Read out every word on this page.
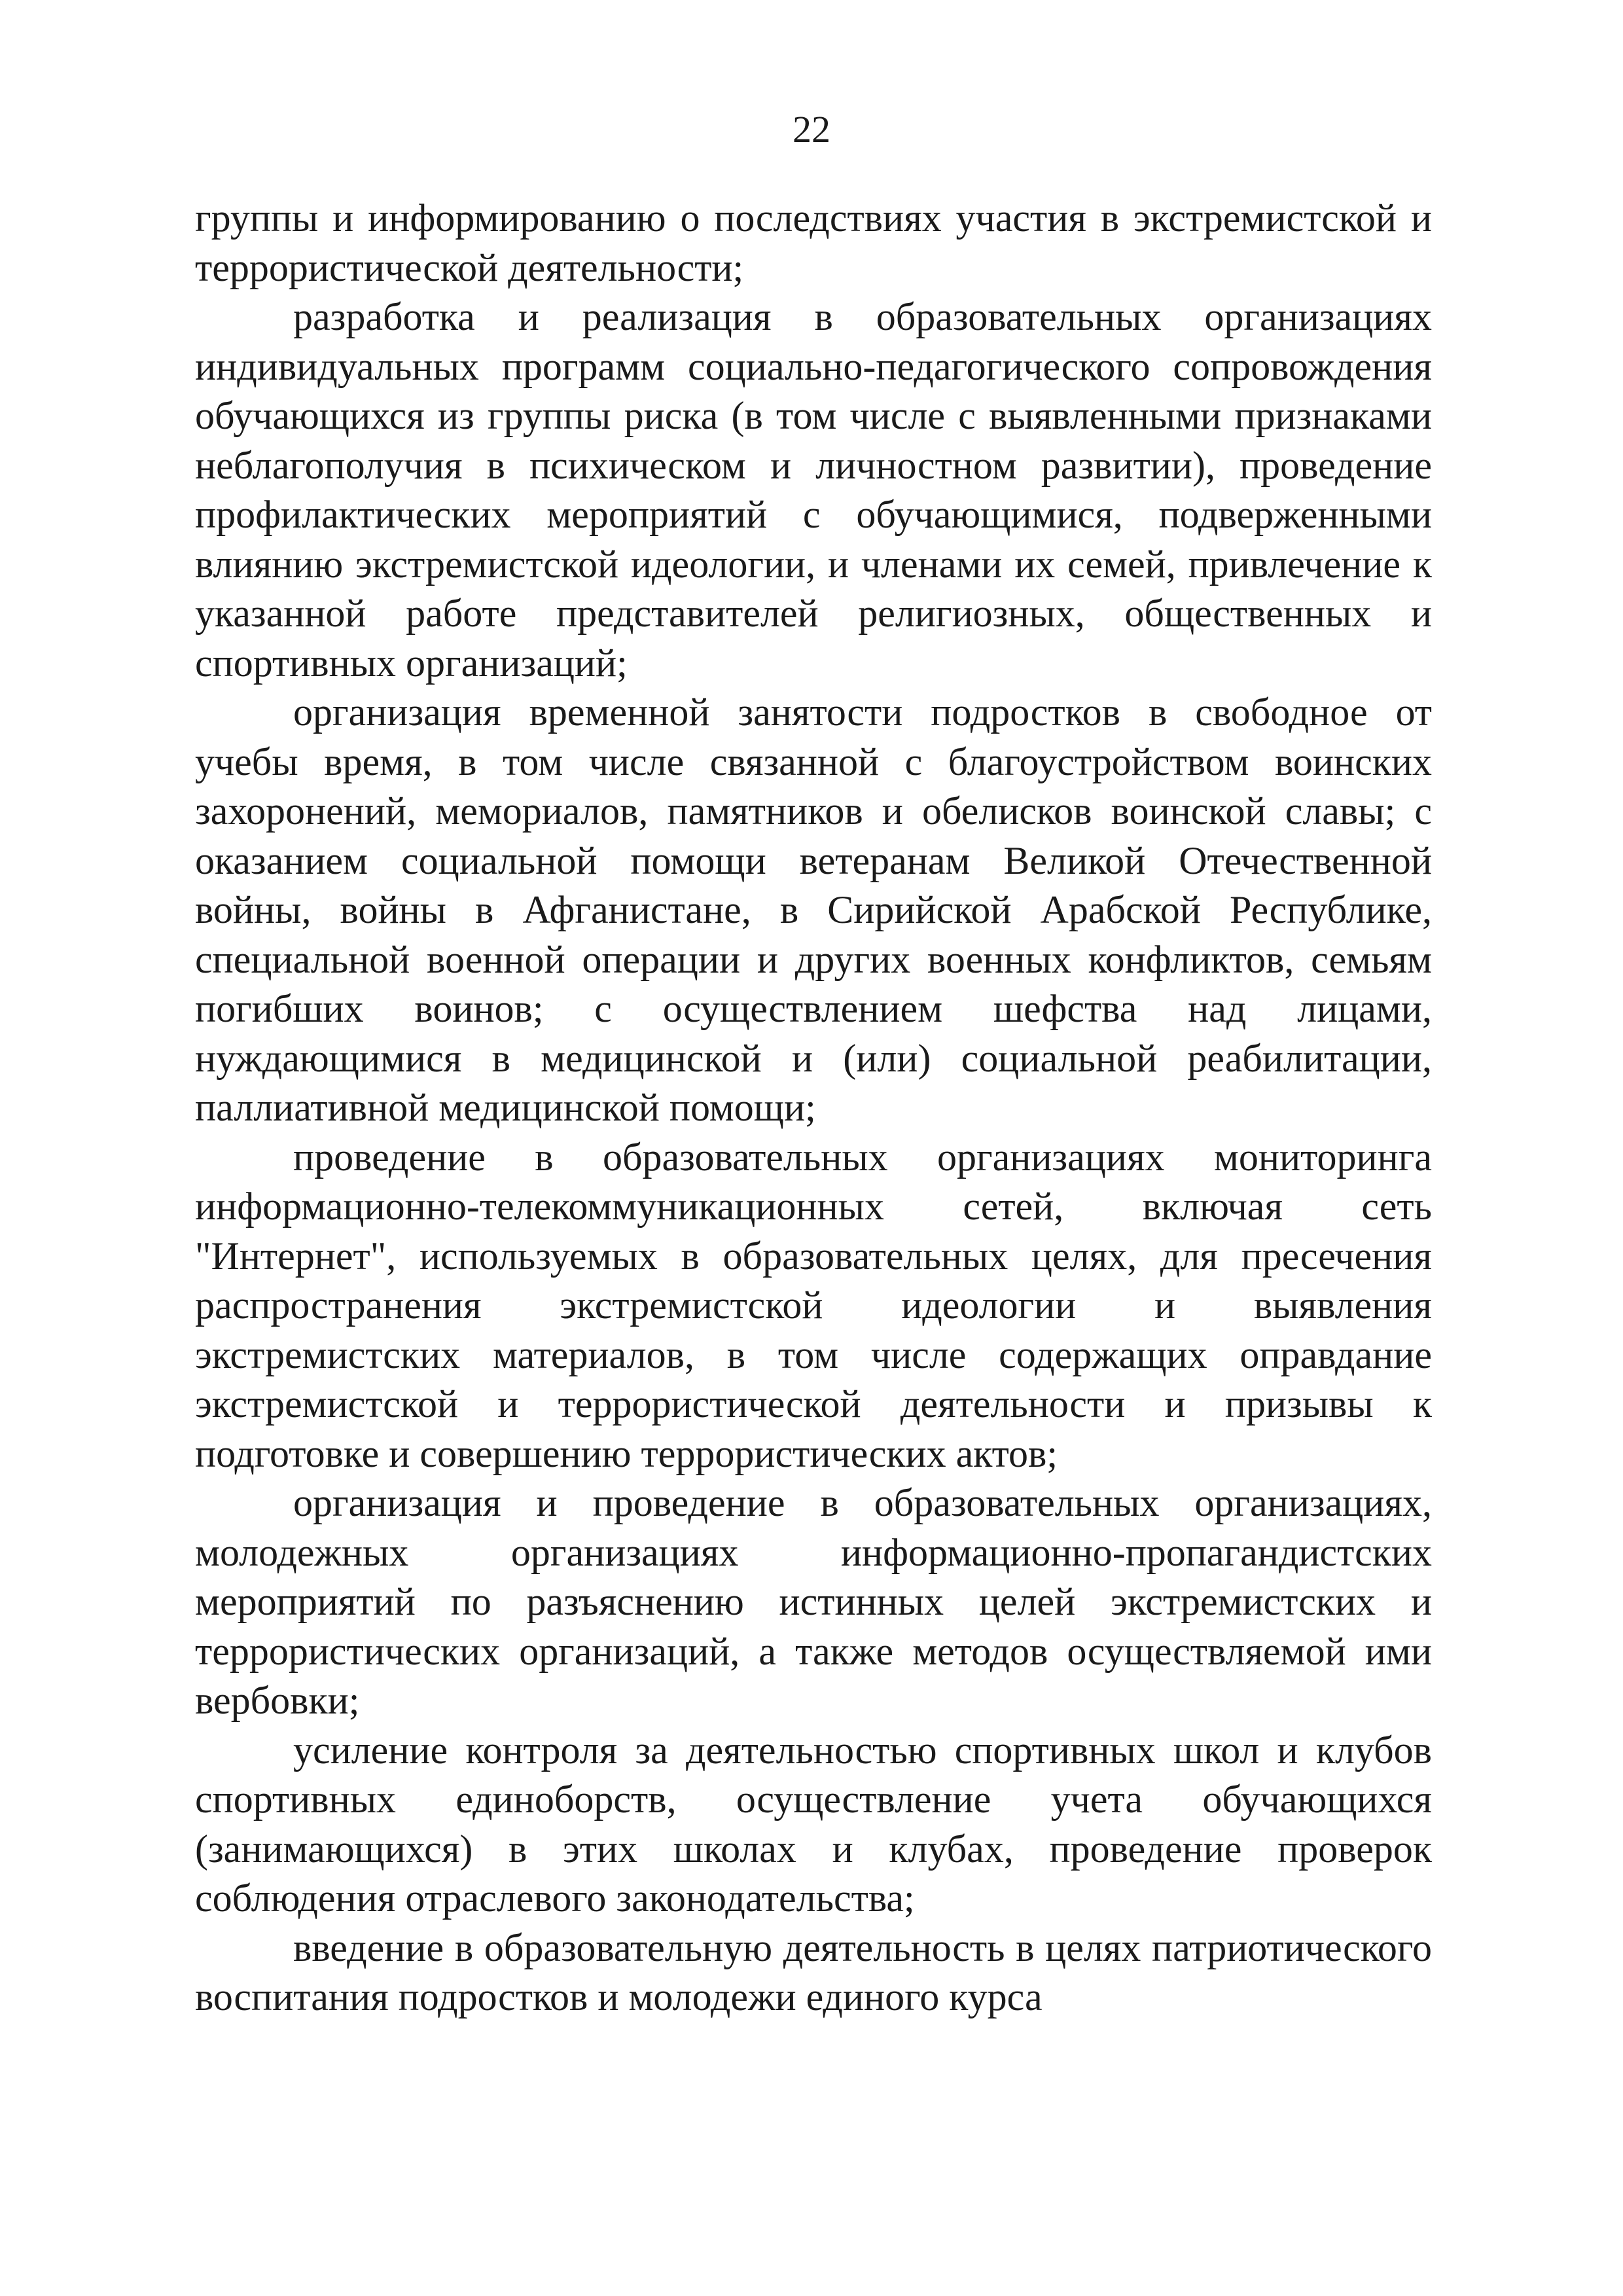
22

группы и информированию о последствиях участия в экстремистской и террористической деятельности;

разработка и реализация в образовательных организациях индивидуальных программ социально-педагогического сопровождения обучающихся из группы риска (в том числе с выявленными признаками неблагополучия в психическом и личностном развитии), проведение профилактических мероприятий с обучающимися, подверженными влиянию экстремистской идеологии, и членами их семей, привлечение к указанной работе представителей религиозных, общественных и спортивных организаций;

организация временной занятости подростков в свободное от учебы время, в том числе связанной с благоустройством воинских захоронений, мемориалов, памятников и обелисков воинской славы; с оказанием социальной помощи ветеранам Великой Отечественной войны, войны в Афганистане, в Сирийской Арабской Республике, специальной военной операции и других военных конфликтов, семьям погибших воинов; с осуществлением шефства над лицами, нуждающимися в медицинской и (или) социальной реабилитации, паллиативной медицинской помощи;

проведение в образовательных организациях мониторинга информационно-телекоммуникационных сетей, включая сеть "Интернет", используемых в образовательных целях, для пресечения распространения экстремистской идеологии и выявления экстремистских материалов, в том числе содержащих оправдание экстремистской и террористической деятельности и призывы к подготовке и совершению террористических актов;

организация и проведение в образовательных организациях, молодежных организациях информационно-пропагандистских мероприятий по разъяснению истинных целей экстремистских и террористических организаций, а также методов осуществляемой ими вербовки;

усиление контроля за деятельностью спортивных школ и клубов спортивных единоборств, осуществление учета обучающихся (занимающихся) в этих школах и клубах, проведение проверок соблюдения отраслевого законодательства;

введение в образовательную деятельность в целях патриотического воспитания подростков и молодежи единого курса
